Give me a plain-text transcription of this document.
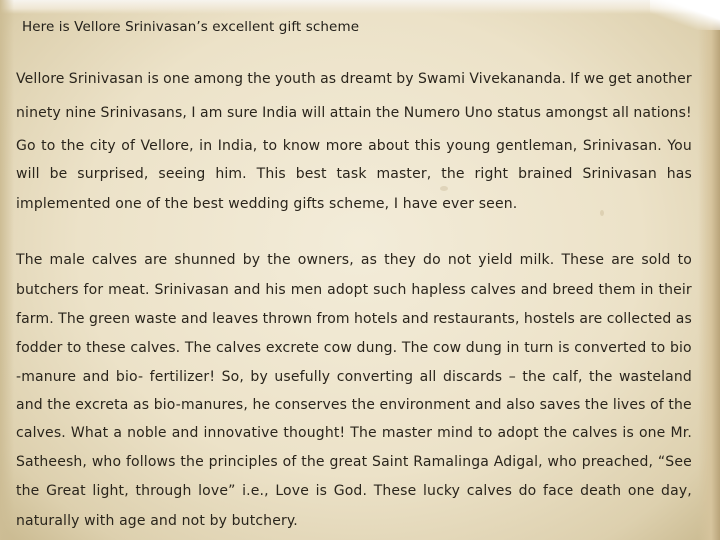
Here is Vellore Srinivasan’s excellent gift scheme
Vellore Srinivasan is one among the youth as dreamt by Swami Vivekananda. If we get another
ninety nine Srinivasans, I am sure India will attain the Numero Uno status amongst all nations!
Go to the city of Vellore, in India, to know more about this young gentleman, Srinivasan. You
will be surprised, seeing him. This best task master, the right brained Srinivasan has
implemented one of the best wedding gifts scheme, I have ever seen.
The male calves are shunned by the owners, as they do not yield milk. These are sold to
butchers for meat. Srinivasan and his men adopt such hapless calves and breed them in their
farm. The green waste and leaves thrown from hotels and restaurants, hostels are collected as
fodder to these calves. The calves excrete cow dung. The cow dung in turn is converted to bio
-manure and bio- fertilizer! So, by usefully converting all discards – the calf, the wasteland
and the excreta as bio-manures, he conserves the environment and also saves the lives of the
calves. What a noble and innovative thought! The master mind to adopt the calves is one Mr.
Satheesh, who follows the principles of the great Saint Ramalinga Adigal, who preached, “See
the Great light, through love” i.e., Love is God. These lucky calves do face death one day,
naturally with age and not by butchery.
